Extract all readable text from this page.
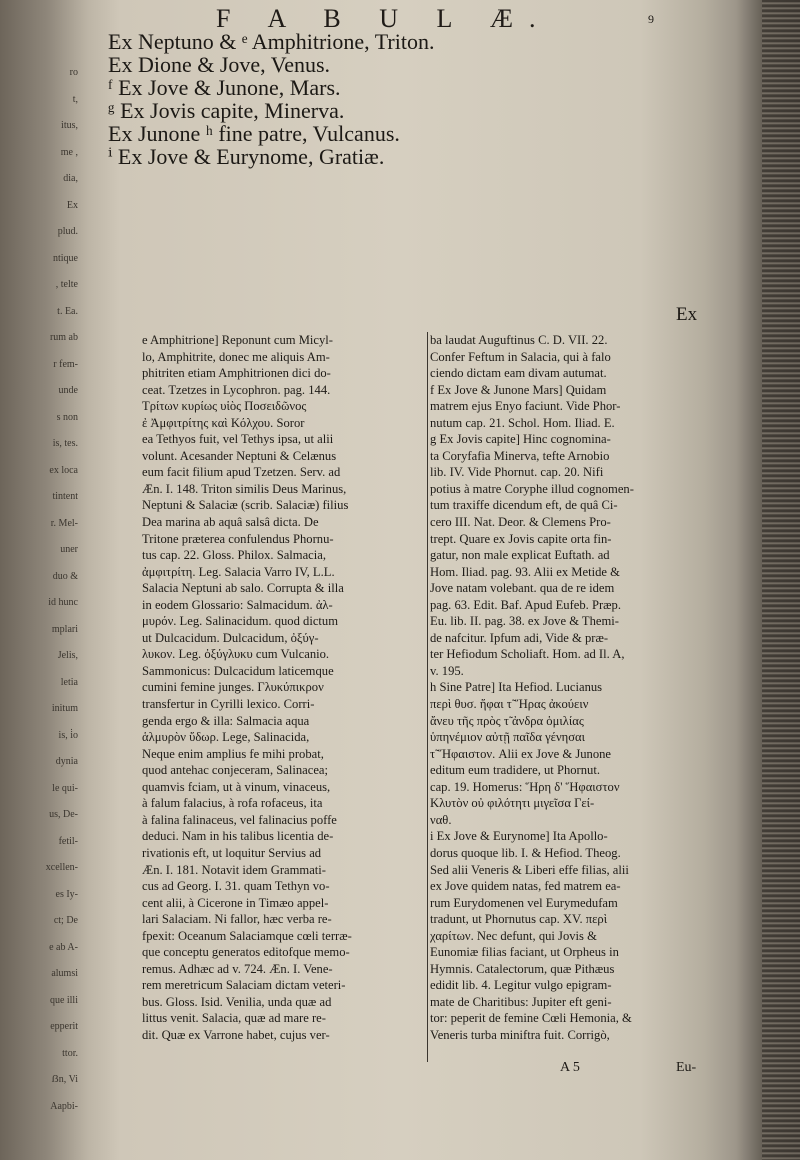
ro
t,
itus,
me ,
dia,
Ex
plud.
ntique
, telte
t. Ea.
rum ab
r fem-
unde
s non
is, tes.
ex loca
tintent
r. Mel-
uner
duo &
id hunc
mplari
Jelis,
letia
initum
is, i̇o
dynia
le qui-
us, De-
fetil-
xcellen-
es Iy-
ct; De
e ab A-
alumsi
que illi
epperit
ttor.
ẞn, Vi
Aapbi-
F A B U L Æ.	9
Ex Neptuno & ᵉ Amphitrione, Triton.
Ex Dione & Jove, Venus.
ᶠ Ex Jove & Junone, Mars.
ᵍ Ex Jovis capite, Minerva.
Ex Junone ʰ fine patre, Vulcanus.
ⁱ Ex Jove & Eurynome, Gratiæ.
Ex
e Amphitrione] Reponunt cum Micyl-
lo, Amphitrite, donec me aliquis Am-
phitriten etiam Amphitrionen dici do-
ceat. Tzetzes in Lycophron. pag. 144.
Τρίτων κυρίως υἱὸς Ποσειδῶνος
ἐ Ἀμφιτρίτης καὶ Κόλχου. Soror
ea Tethyos fuit, vel Tethys ipsa, ut alii
volunt. Acesander Neptuni & Celænus
eum facit filium apud Tzetzen. Serv. ad
Æn. I. 148. Triton similis Deus Marinus,
Neptuni & Salaciæ (scrib. Salaciæ) filius
Dea marina ab aquâ salsâ dicta. De
Tritone præterea confulendus Phornu-
tus cap. 22. Gloss. Philox. Salmacia,
ἀμφιτρίτη. Leg. Salacia Varro IV, L.L.
Salacia Neptuni ab salo. Corrupta & illa
in eodem Glossario: Salmacidum. ἀλ-
μυρόν. Leg. Salinacidum. quod dictum
ut Dulcacidum. Dulcacidum, ὀξύγ-
λυκον. Leg. ὀξύγλυκυ cum Vulcanio.
Sammonicus: Dulcacidum laticemque
cumini femine junges. Γλυκύπικρον
transfertur in Cyrilli lexico. Corri-
genda ergo & illa: Salmacia aqua
ἁλμυρὸν ὕδωρ. Lege, Salinacida,
Neque enim amplius fe mihi probat,
quod antehac conjeceram, Salinacea;
quamvis fciam, ut à vinum, vinaceus,
à falum falacius, à rofa rofaceus, ita
à falina falinaceus, vel falinacius poffe
deduci. Nam in his talibus licentia de-
rivationis eft, ut loquitur Servius ad
Æn. I. 181. Notavit idem Grammati-
cus ad Georg. I. 31. quam Tethyn vo-
cent alii, à Cicerone in Timæo appel-
lari Salaciam. Ni fallor, hæc verba re-
fpexit: Oceanum Salaciamque cœli terræ-
que conceptu generatos editofque memo-
remus. Adhæc ad v. 724. Æn. I. Vene-
rem meretricum Salaciam dictam veteri-
bus. Gloss. Isid. Venilia, unda quæ ad
littus venit. Salacia, quæ ad mare re-
dit. Quæ ex Varrone habet, cujus ver-
ba laudat Auguftinus C. D. VII. 22.
Confer Feftum in Salacia, qui à falo
ciendo dictam eam divam autumat.
f Ex Jove & Junone Mars] Quidam
matrem ejus Enyo faciunt. Vide Phor-
nutum cap. 21. Schol. Hom. Iliad. E.
g Ex Jovis capite] Hinc cognomina-
ta Coryfafia Minerva, tefte Arnobio
lib. IV. Vide Phornut. cap. 20. Nifi
potius à matre Coryphe illud cognomen-
tum traxiffe dicendum eft, de quâ Ci-
cero III. Nat. Deor. & Clemens Pro-
trept. Quare ex Jovis capite orta fin-
gatur, non male explicat Euftath. ad
Hom. Iliad. pag. 93. Alii ex Metide &
Jove natam volebant. qua de re idem
pag. 63. Edit. Baf. Apud Eufeb. Præp.
Eu. lib. II. pag. 38. ex Jove & Themi-
de nafcitur. Ipfum adi, Vide & præ-
ter Hefiodum Scholiaft. Hom. ad Il. A,
v. 195.
h Sine Patre] Ita Hefiod. Lucianus
περὶ θυσ. ἥφαι τ̃ Ἥρας ἀκούειν
ἄνευ τῆς πρὸς τ̃ ἀνδρα ὁμιλίας
ὑπηνέμιον αὐτῇ παῖδα γένησαι
τ̃ Ἥφαιστον. Alii ex Jove & Junone
editum eum tradidere, ut Phornut.
cap. 19. Homerus: Ἥρη δ' Ἥφαιστον
Κλυτὸν οὐ φιλότητι μιγεῖσα Γεί-
ναθ.
i Ex Jove & Eurynome] Ita Apollo-
dorus quoque lib. I. & Hefiod. Theog.
Sed alii Veneris & Liberi effe filias, alii
ex Jove quidem natas, fed matrem ea-
rum Eurydomenen vel Eurymedufam
tradunt, ut Phornutus cap. XV. περὶ
χαρίτων. Nec defunt, qui Jovis &
Eunomiæ filias faciant, ut Orpheus in
Hymnis. Catalectorum, quæ Pithæus
edidit lib. 4. Legitur vulgo epigram-
mate de Charitibus: Jupiter eft geni-
tor: peperit de femine Cœli Hemonia, &
Veneris turba miniftra fuit. Corrigò,
A 5	Eu-
